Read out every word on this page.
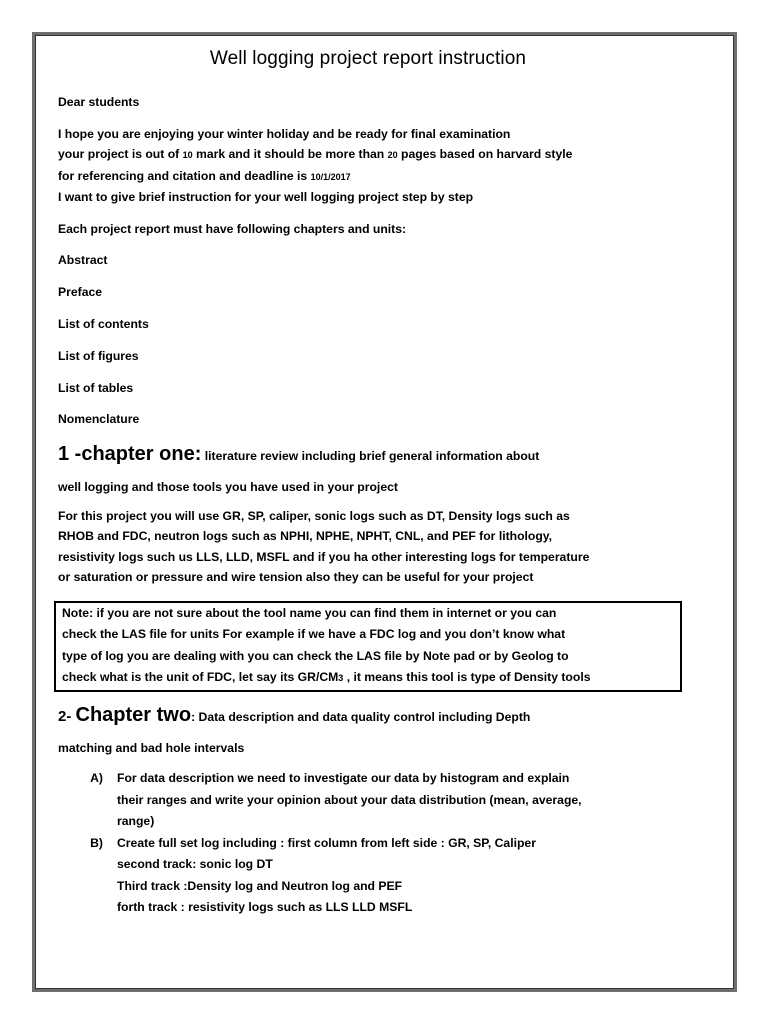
Well logging project report instruction

Dear students

I hope you are enjoying your winter holiday and be ready for final examination
your project is out of 10 mark and it should be more than 20 pages based on harvard style
for referencing and citation and deadline is 10/1/2017
I want to give brief instruction for your well logging project step by step

Each project report must have following chapters and units:

Abstract
Preface
List of contents
List of figures
List of tables
Nomenclature
1 -chapter one: literature review including brief general information about
well logging and those tools you have used in your project
For this project you will use GR, SP, caliper, sonic logs such as DT, Density logs such as
RHOB and FDC, neutron logs such as NPHI, NPHE, NPHT, CNL, and PEF for lithology,
resistivity logs such us LLS, LLD, MSFL and if you ha other interesting logs for temperature
or saturation or pressure and wire tension also they can be useful for your project
Note: if you are not sure about the tool name you can find them in internet or you can
check the LAS file for units For example if we have a FDC log and you don’t know what
type of log you are dealing with you can check the LAS file by Note pad or by Geolog to
check what is the unit of FDC, let say its GR/CM3 , it means this tool is type of Density tools
2- Chapter two: Data description and data quality control including Depth
matching and bad hole intervals
A)	For data description we need to investigate our data by histogram and explain
their ranges and write your opinion about your data distribution (mean, average,
range)
B)	Create full set log including : first column from left side : GR, SP, Caliper
second track: sonic log DT
Third track :Density log and Neutron log and PEF
forth track : resistivity logs such as LLS LLD MSFL
